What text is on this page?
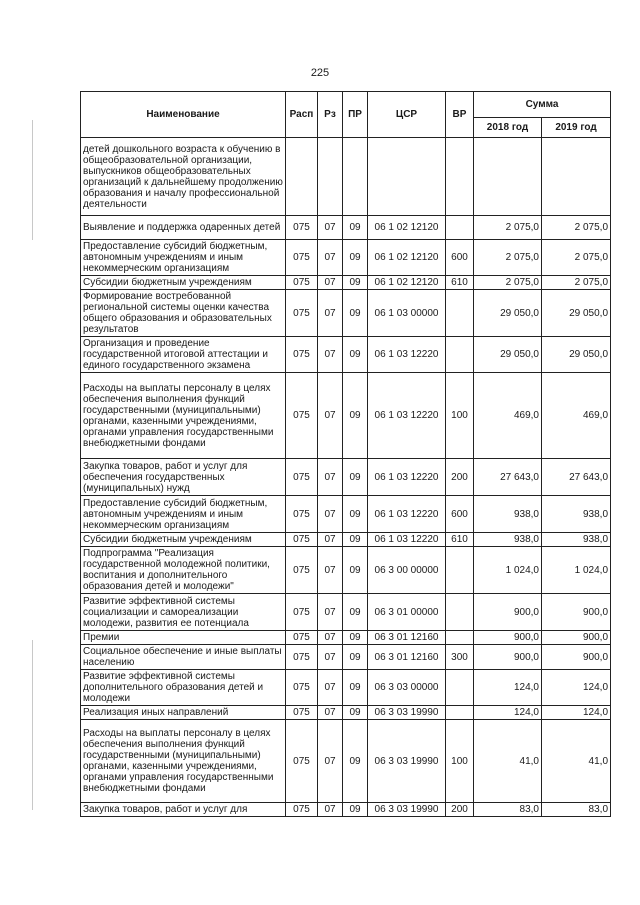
225
Наименование	Расп	Рз	ПР	ЦСР	ВР	Сумма	
						2018 год	2019 год
детей дошкольного возраста к обучению в общеобразовательной организации, выпускников общеобразовательных организаций к дальнейшему продолжению образования и началу профессиональной деятельности							
Выявление и поддержка одаренных детей	075	07	09	06 1 02 12120		2 075,0	2 075,0
Предоставление субсидий бюджетным, автономным учреждениям и иным некоммерческим организациям	075	07	09	06 1 02 12120	600	2 075,0	2 075,0
Субсидии бюджетным учреждениям	075	07	09	06 1 02 12120	610	2 075,0	2 075,0
Формирование востребованной региональной системы оценки качества общего образования и образовательных результатов	075	07	09	06 1 03 00000		29 050,0	29 050,0
Организация и проведение государственной итоговой аттестации и единого государственного экзамена	075	07	09	06 1 03 12220		29 050,0	29 050,0
Расходы на выплаты персоналу в целях обеспечения выполнения функций государственными (муниципальными) органами, казенными учреждениями, органами управления государственными внебюджетными фондами	075	07	09	06 1 03 12220	100	469,0	469,0
Закупка товаров, работ и услуг для обеспечения государственных (муниципальных) нужд	075	07	09	06 1 03 12220	200	27 643,0	27 643,0
Предоставление субсидий бюджетным, автономным учреждениям и иным некоммерческим организациям	075	07	09	06 1 03 12220	600	938,0	938,0
Субсидии бюджетным учреждениям	075	07	09	06 1 03 12220	610	938,0	938,0
Подпрограмма "Реализация государственной молодежной политики, воспитания и дополнительного образования детей и молодежи"	075	07	09	06 3 00 00000		1 024,0	1 024,0
Развитие эффективной системы социализации и самореализации молодежи, развития ее потенциала	075	07	09	06 3 01 00000		900,0	900,0
Премии	075	07	09	06 3 01 12160		900,0	900,0
Социальное обеспечение и иные выплаты населению	075	07	09	06 3 01 12160	300	900,0	900,0
Развитие эффективной системы дополнительного образования детей и молодежи	075	07	09	06 3 03 00000		124,0	124,0
Реализация иных направлений	075	07	09	06 3 03 19990		124,0	124,0
Расходы на выплаты персоналу в целях обеспечения выполнения функций государственными (муниципальными) органами, казенными учреждениями, органами управления государственными внебюджетными фондами	075	07	09	06 3 03 19990	100	41,0	41,0
Закупка товаров, работ и услуг для	075	07	09	06 3 03 19990	200	83,0	83,0
